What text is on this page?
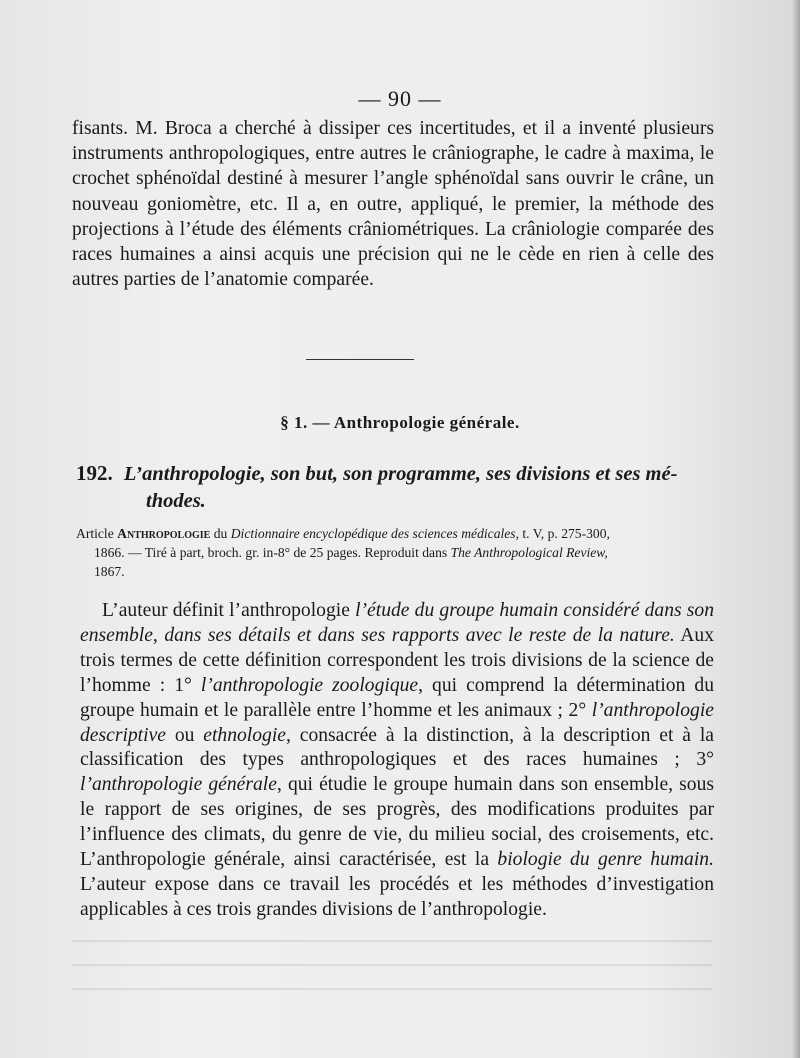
— 90 —

fisants. M. Broca a cherché à dissiper ces incertitudes, et il a inventé plusieurs instruments anthropologiques, entre autres le crâniographe, le cadre à maxima, le crochet sphénoïdal destiné à mesurer l’angle sphénoïdal sans ouvrir le crâne, un nouveau goniomètre, etc. Il a, en outre, appliqué, le premier, la méthode des projections à l’étude des éléments crâniométriques. La crâniologie comparée des races humaines a ainsi acquis une précision qui ne le cède en rien à celle des autres parties de l’anatomie comparée.

§ 1. — Anthropologie générale.
192. L’anthropologie, son but, son programme, ses divisions et ses mé-
thodes.

Article Anthropologie du Dictionnaire encyclopédique des sciences médicales, t. V, p. 275-300,
1866. — Tiré à part, broch. gr. in-8° de 25 pages. Reproduit dans The Anthropological Review,
1867.

L’auteur définit l’anthropologie l’étude du groupe humain considéré dans son ensemble, dans ses détails et dans ses rapports avec le reste de la nature. Aux trois termes de cette définition correspondent les trois divisions de la science de l’homme : 1° l’anthropologie zoologique, qui comprend la détermination du groupe humain et le parallèle entre l’homme et les animaux ; 2° l’anthropologie descriptive ou ethnologie, consacrée à la distinction, à la description et à la classification des types anthropologiques et des races humaines ; 3° l’anthropologie générale, qui étudie le groupe humain dans son ensemble, sous le rapport de ses origines, de ses progrès, des modifications produites par l’influence des climats, du genre de vie, du milieu social, des croisements, etc. L’anthropologie générale, ainsi caractérisée, est la biologie du genre humain. L’auteur expose dans ce travail les procédés et les méthodes d’investigation applicables à ces trois grandes divisions de l’anthropologie.
